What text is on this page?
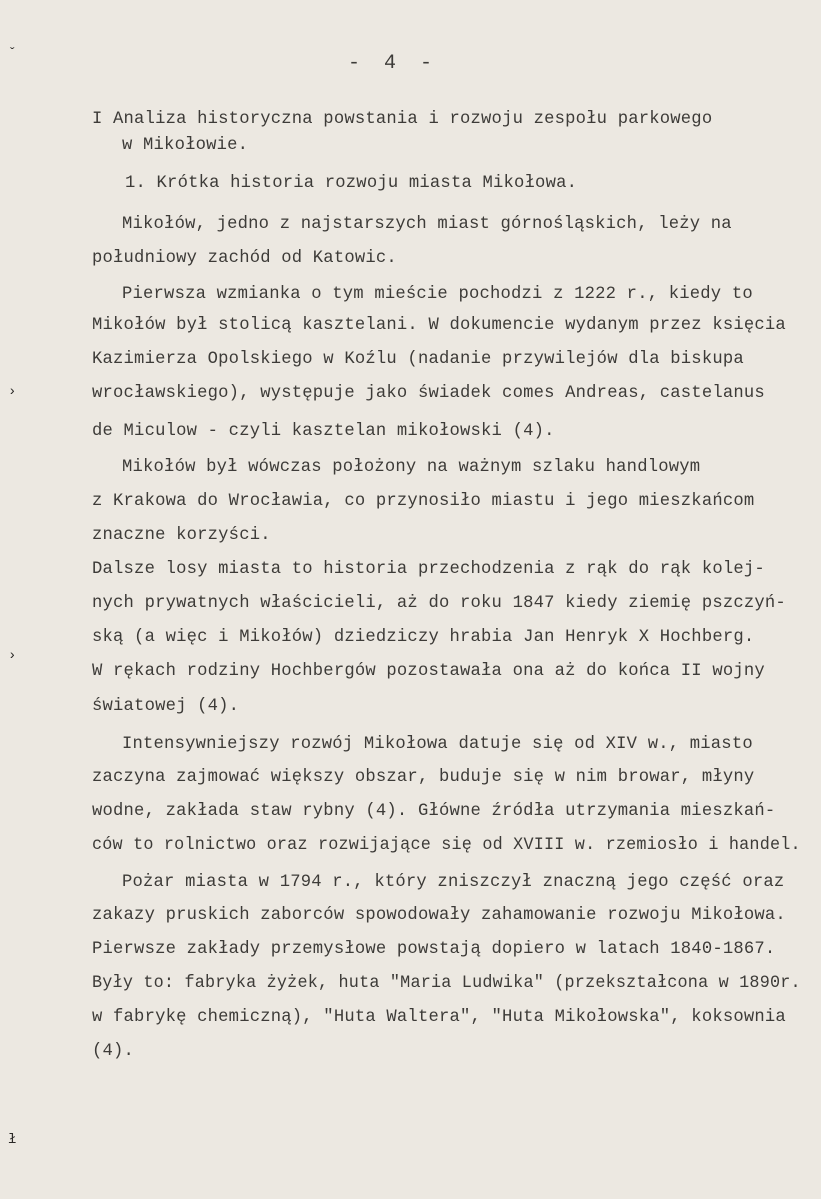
ˇ
›
›
ł
- 4 -
I Analiza historyczna powstania i rozwoju zespołu parkowego
w Mikołowie.
1. Krótka historia rozwoju miasta Mikołowa.
Mikołów, jedno z najstarszych miast górnośląskich, leży na
południowy zachód od Katowic.
Pierwsza wzmianka o tym mieście pochodzi z 1222 r., kiedy to
Mikołów był stolicą kasztelani. W dokumencie wydanym przez księcia
Kazimierza Opolskiego w Koźlu (nadanie przywilejów dla biskupa
wrocławskiego), występuje jako świadek comes Andreas, castelanus
de Miculow - czyli kasztelan mikołowski (4).
Mikołów był wówczas położony na ważnym szlaku handlowym
z Krakowa do Wrocławia, co przynosiło miastu i jego mieszkańcom
znaczne korzyści.
Dalsze losy miasta to historia przechodzenia z rąk do rąk kolej-
nych prywatnych właścicieli, aż do roku 1847 kiedy ziemię pszczyń-
ską (a więc i Mikołów) dziedziczy hrabia Jan Henryk X Hochberg.
W rękach rodziny Hochbergów pozostawała ona aż do końca II wojny
światowej (4).
Intensywniejszy rozwój Mikołowa datuje się od XIV w., miasto
zaczyna zajmować większy obszar, buduje się w nim browar, młyny
wodne, zakłada staw rybny (4). Główne źródła utrzymania mieszkań-
ców to rolnictwo oraz rozwijające się od XVIII w. rzemiosło i handel.
Pożar miasta w 1794 r., który zniszczył znaczną jego część oraz
zakazy pruskich zaborców spowodowały zahamowanie rozwoju Mikołowa.
Pierwsze zakłady przemysłowe powstają dopiero w latach 1840-1867.
Były to: fabryka żyżek, huta "Maria Ludwika" (przekształcona w 1890r.
w fabrykę chemiczną), "Huta Waltera", "Huta Mikołowska", koksownia
(4).
